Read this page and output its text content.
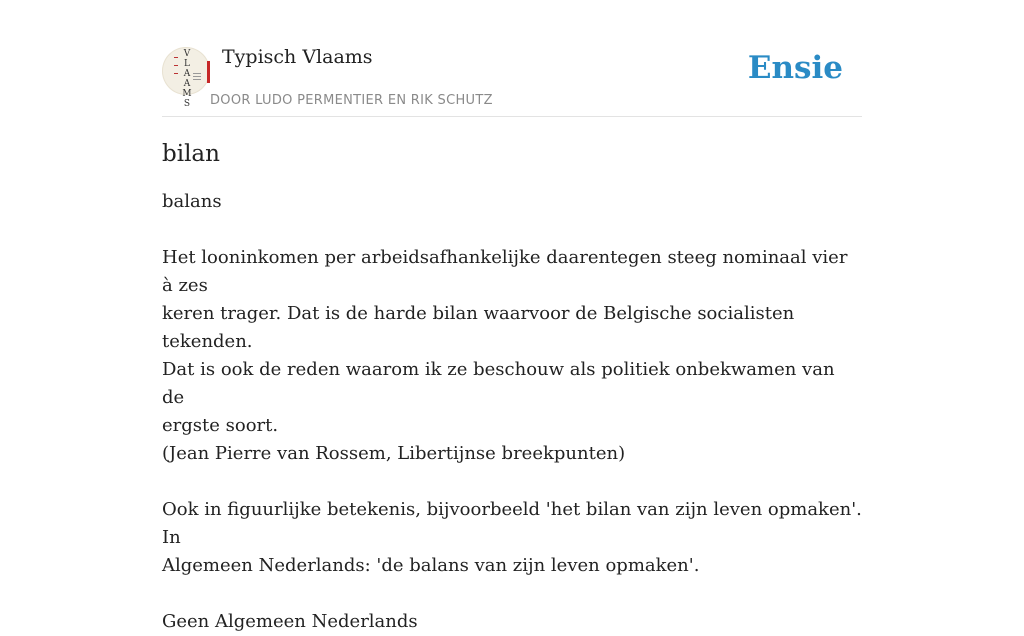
V
L
A
A
M
S
Typisch Vlaams

DOOR LUDO PERMENTIER EN RIK SCHUTZ

Ensie
bilan

balans

Het looninkomen per arbeidsafhankelijke daarentegen steeg nominaal vier à zes

keren trager. Dat is de harde bilan waarvoor de Belgische socialisten tekenden.

Dat is ook de reden waarom ik ze beschouw als politiek onbekwamen van de

ergste soort.

(Jean Pierre van Rossem, Libertijnse breekpunten)

Ook in figuurlijke betekenis, bijvoorbeeld 'het bilan van zijn leven opmaken'. In

Algemeen Nederlands: 'de balans van zijn leven opmaken'.

Geen Algemeen Nederlands
